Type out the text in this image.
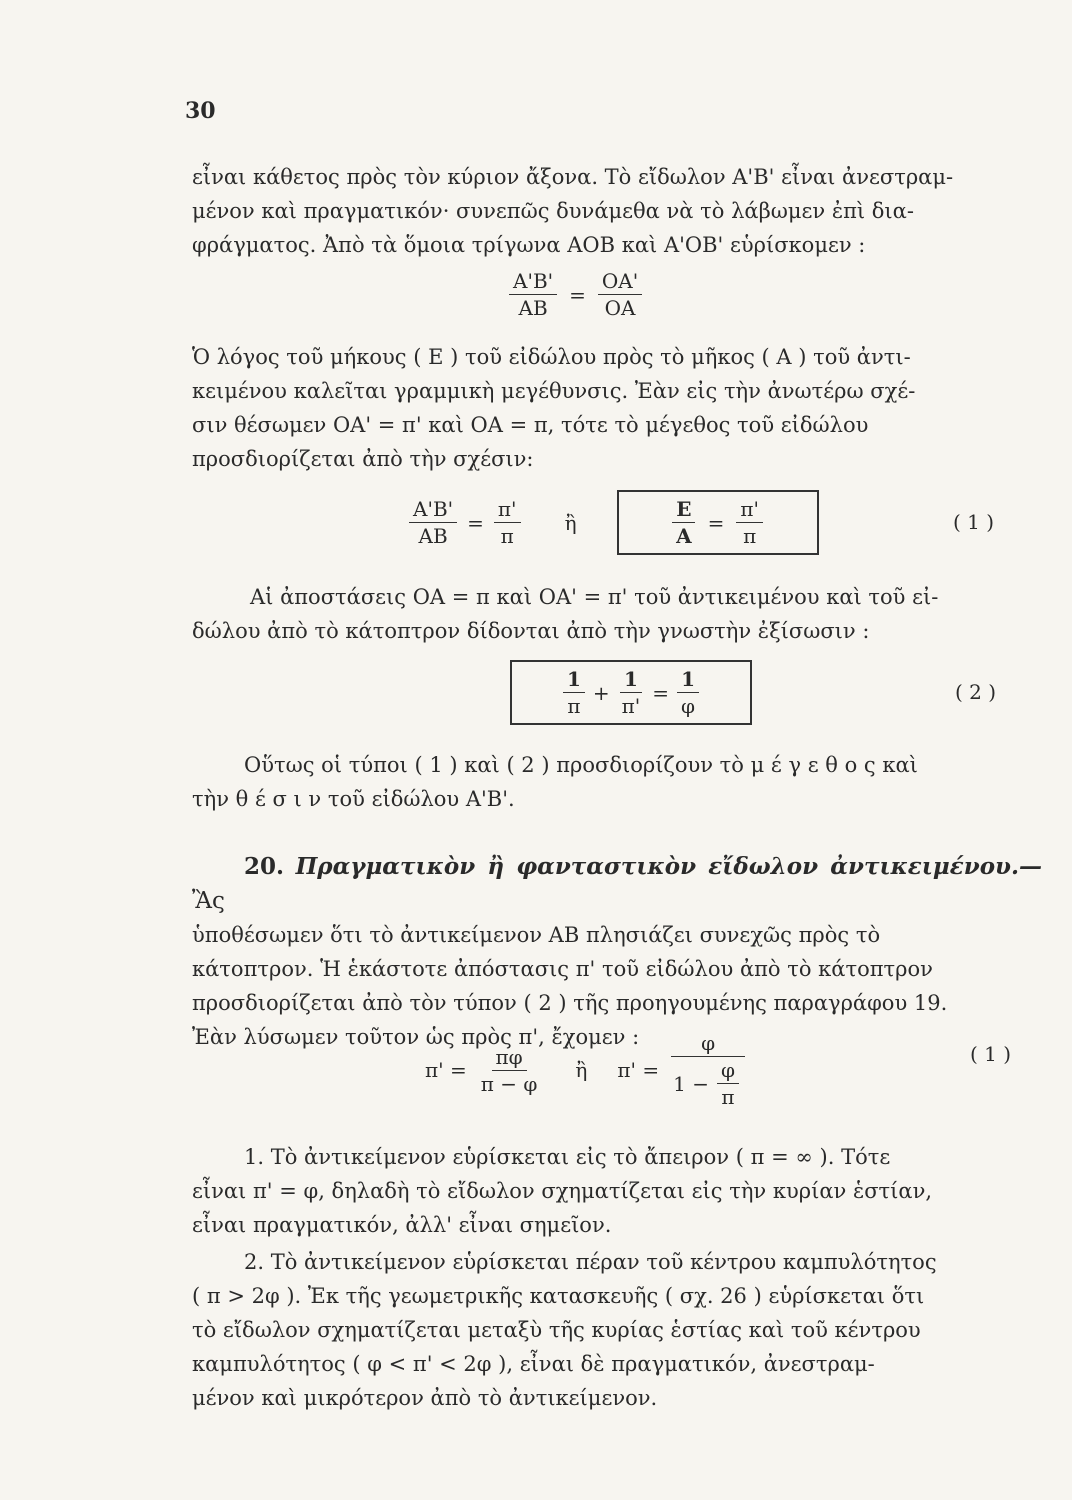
30
εἶναι κάθετος πρὸς τὸν κύριον ἄξονα. Τὸ εἴδωλον Α'Β' εἶναι ἀνεστραμ-
μένον καὶ πραγματικόν· συνεπῶς δυνάμεθα νὰ τὸ λάβωμεν ἐπὶ δια-
φράγματος. Ἀπὸ τὰ ὅμοια τρίγωνα ΑΟΒ καὶ Α'ΟΒ' εὑρίσκομεν :
$\frac{A'B'}{AB} = \frac{OA'}{OA}$
Ὁ λόγος τοῦ μήκους ( Ε ) τοῦ εἰδώλου πρὸς τὸ μῆκος ( Α ) τοῦ ἀντι-
κειμένου καλεῖται γραμμικὴ μεγέθυνσις. Ἐὰν εἰς τὴν ἀνωτέρω σχέ-
σιν θέσωμεν ΟΑ' = π' καὶ ΟΑ = π, τότε τὸ μέγεθος τοῦ εἰδώλου
προσδιορίζεται ἀπὸ τὴν σχέσιν:
$\frac{A'B'}{AB} = \frac{\pi'}{\pi}$ ἢ	$\frac{E}{A} = \frac{\pi'}{\pi}$	( 1 )
Αἱ ἀποστάσεις ΟΑ = π καὶ ΟΑ' = π' τοῦ ἀντικειμένου καὶ τοῦ εἰ-
δώλου ἀπὸ τὸ κάτοπτρον δίδονται ἀπὸ τὴν γνωστὴν ἐξίσωσιν :
$\frac{1}{\pi} + \frac{1}{\pi'} = \frac{1}{\varphi}$	( 2 )
Οὕτως οἱ τύποι ( 1 ) καὶ ( 2 ) προσδιορίζουν τὸ μ έ γ ε θ ο ς καὶ
τὴν θ έ σ ι ν τοῦ εἰδώλου Α'Β'.
20. Πραγματικὸν ἢ φανταστικὸν εἴδωλον ἀντικειμένου.—Ἂς
ὑποθέσωμεν ὅτι τὸ ἀντικείμενον ΑΒ πλησιάζει συνεχῶς πρὸς τὸ
κάτοπτρον. Ἡ ἑκάστοτε ἀπόστασις π' τοῦ εἰδώλου ἀπὸ τὸ κάτοπτρον
προσδιορίζεται ἀπὸ τὸν τύπον ( 2 ) τῆς προηγουμένης παραγράφου 19.
Ἐὰν λύσωμεν τοῦτον ὡς πρὸς π', ἔχομεν :
$\pi' = \frac{\pi\varphi}{\pi - \varphi}$ ἢ $\pi' = \frac{\varphi}{1 - \frac{\varphi}{\pi}}$	( 1 )
1. Τὸ ἀντικείμενον εὑρίσκεται εἰς τὸ ἄπειρον ( π = ∞ ). Τότε
εἶναι π' = φ, δηλαδὴ τὸ εἴδωλον σχηματίζεται εἰς τὴν κυρίαν ἑστίαν,
εἶναι πραγματικόν, ἀλλ' εἶναι σημεῖον.
2. Τὸ ἀντικείμενον εὑρίσκεται πέραν τοῦ κέντρου καμπυλότητος
( π > 2φ ). Ἐκ τῆς γεωμετρικῆς κατασκευῆς ( σχ. 26 ) εὑρίσκεται ὅτι
τὸ εἴδωλον σχηματίζεται μεταξὺ τῆς κυρίας ἑστίας καὶ τοῦ κέντρου
καμπυλότητος ( φ < π' < 2φ ), εἶναι δὲ πραγματικόν, ἀνεστραμ-
μένον καὶ μικρότερον ἀπὸ τὸ ἀντικείμενον.
